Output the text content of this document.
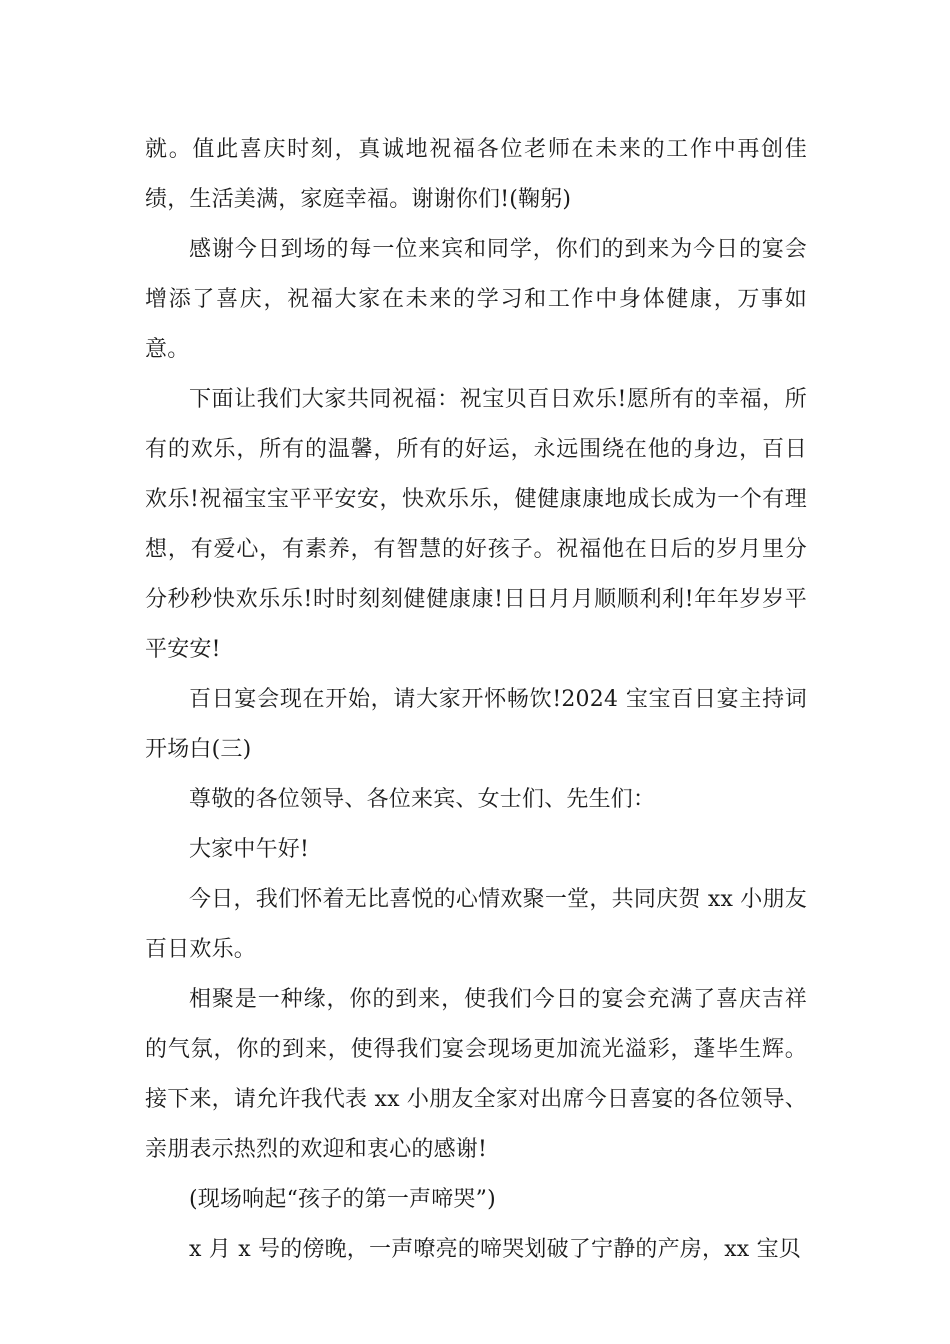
就。值此喜庆时刻，真诚地祝福各位老师在未来的工作中再创佳绩，生活美满，家庭幸福。谢谢你们!(鞠躬)

感谢今日到场的每一位来宾和同学，你们的到来为今日的宴会增添了喜庆，祝福大家在未来的学习和工作中身体健康，万事如意。

下面让我们大家共同祝福：祝宝贝百日欢乐!愿所有的幸福，所有的欢乐，所有的温馨，所有的好运，永远围绕在他的身边，百日欢乐!祝福宝宝平平安安，快欢乐乐，健健康康地成长成为一个有理想，有爱心，有素养，有智慧的好孩子。祝福他在日后的岁月里分分秒秒快欢乐乐!时时刻刻健健康康!日日月月顺顺利利!年年岁岁平平安安!

百日宴会现在开始，请大家开怀畅饮!2024 宝宝百日宴主持词开场白(三)

尊敬的各位领导、各位来宾、女士们、先生们：

大家中午好!

今日，我们怀着无比喜悦的心情欢聚一堂，共同庆贺 xx 小朋友百日欢乐。

相聚是一种缘，你的到来，使我们今日的宴会充满了喜庆吉祥的气氛，你的到来，使得我们宴会现场更加流光溢彩，蓬毕生辉。接下来，请允许我代表 xx 小朋友全家对出席今日喜宴的各位领导、亲朋表示热烈的欢迎和衷心的感谢!

(现场响起“孩子的第一声啼哭”)

x 月 x 号的傍晚，一声嘹亮的啼哭划破了宁静的产房，xx 宝贝
